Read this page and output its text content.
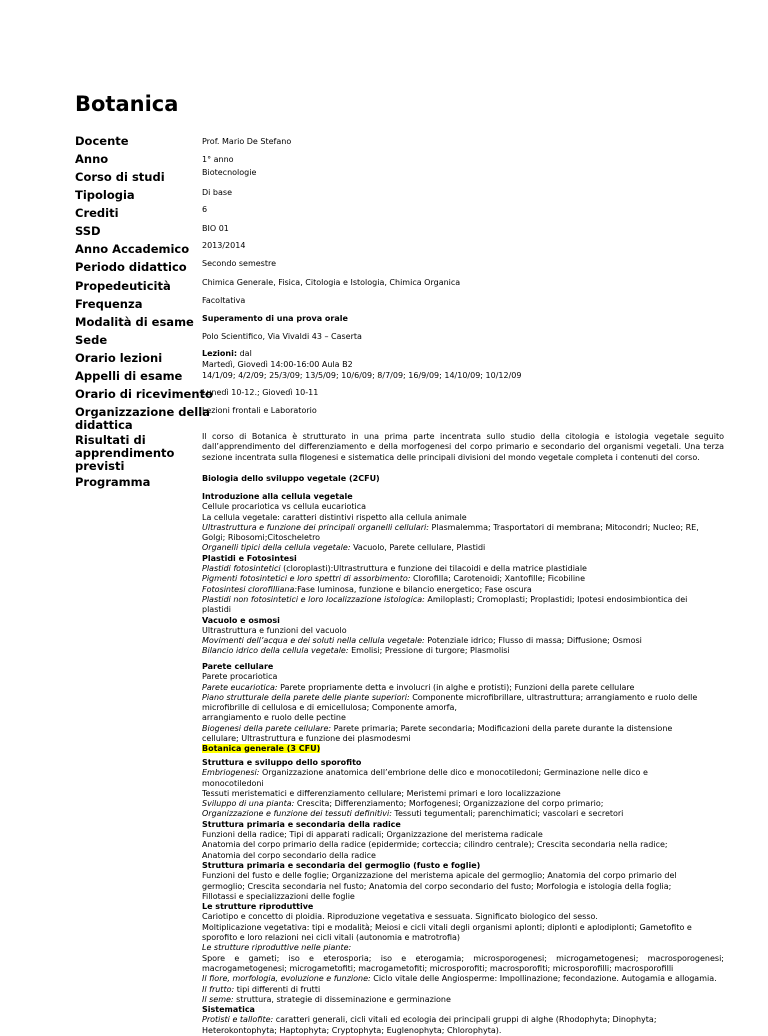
Botanica
Docente
Anno
Corso di studi
Tipologia
Crediti
SSD
Anno Accademico
Periodo didattico
Propedeuticità
Frequenza
Modalità di esame
Sede
Orario lezioni
Appelli di esame
Orario di ricevimento
Organizzazione della
didattica
Risultati di
apprendimento
previsti
Programma
Prof. Mario De Stefano
1° anno
Biotecnologie
Di base
6
BIO 01
2013/2014
Secondo semestre
Chimica Generale, Fisica, Citologia e Istologia, Chimica Organica
Facoltativa
Superamento di una prova orale
Polo Scientifico, Via Vivaldi 43 – Caserta
Lezioni: dal
Martedì, Giovedì 14:00-16:00 Aula B2
14/1/09; 4/2/09; 25/3/09; 13/5/09; 10/6/09; 8/7/09; 16/9/09; 14/10/09; 10/12/09
Lunedì 10-12.; Giovedì 10-11
Lezioni frontali e Laboratorio
Il corso di Botanica è strutturato in una prima parte incentrata sullo studio della citologia e istologia vegetale seguito dall’apprendimento del differenziamento e della morfogenesi del corpo primario e secondario del organismi vegetali. Una terza sezione incentrata sulla filogenesi e sistematica delle principali divisioni del mondo vegetale completa i contenuti del corso.
Biologia dello sviluppo vegetale (2CFU)
Introduzione alla cellula vegetale
Cellule procariotica vs cellula eucariotica
La cellula vegetale: caratteri distintivi rispetto alla cellula animale
Ultrastruttura e funzione dei principali organelli cellulari: Plasmalemma; Trasportatori di membrana; Mitocondri; Nucleo; RE,
Golgi; Ribosomi;Citoscheletro
Organelli tipici della cellula vegetale: Vacuolo, Parete cellulare, Plastidi
Plastidi e Fotosintesi
Plastidi fotosintetici (cloroplasti):Ultrastruttura e funzione dei tilacoidi e della matrice plastidiale
Pigmenti fotosintetici e loro spettri di assorbimento: Clorofilla; Carotenoidi; Xantofille; Ficobiline
Fotosintesi clorofilliana:Fase luminosa, funzione e bilancio energetico; Fase oscura
Plastidi non fotosintetici e loro localizzazione istologica: Amiloplasti; Cromoplasti; Proplastidi; Ipotesi endosimbiontica dei
plastidi
Vacuolo e osmosi
Ultrastruttura e funzioni del vacuolo
Movimenti dell’acqua e dei soluti nella cellula vegetale: Potenziale idrico; Flusso di massa; Diffusione; Osmosi
Bilancio idrico della cellula vegetale: Emolisi; Pressione di turgore; Plasmolisi
Parete cellulare
Parete procariotica
Parete eucariotica: Parete propriamente detta e involucri (in alghe e protisti); Funzioni della parete cellulare
Piano strutturale della parete delle piante superiori: Componente microfibrillare, ultrastruttura; arrangiamento e ruolo delle
microfibrille di cellulosa e di emicellulosa; Componente amorfa,
arrangiamento e ruolo delle pectine
Biogenesi della parete cellulare: Parete primaria; Parete secondaria; Modificazioni della parete durante la distensione
cellulare; Ultrastruttura e funzione dei plasmodesmi
Botanica generale (3 CFU)
Struttura e sviluppo dello sporofito
Embriogenesi: Organizzazione anatomica dell’embrione delle dico e monocotiledoni; Germinazione nelle dico e
monocotiledoni
Tessuti meristematici e differenziamento cellulare; Meristemi primari e loro localizzazione
Sviluppo di una pianta: Crescita; Differenziamento; Morfogenesi; Organizzazione del corpo primario;
Organizzazione e funzione dei tessuti definitivi: Tessuti tegumentali; parenchimatici; vascolari e secretori
Struttura primaria e secondaria della radice
Funzioni della radice; Tipi di apparati radicali; Organizzazione del meristema radicale
Anatomia del corpo primario della radice (epidermide; corteccia; cilindro centrale); Crescita secondaria nella radice;
Anatomia del corpo secondario della radice
Struttura primaria e secondaria del germoglio (fusto e foglie)
Funzioni del fusto e delle foglie; Organizzazione del meristema apicale del germoglio; Anatomia del corpo primario del
germoglio; Crescita secondaria nel fusto; Anatomia del corpo secondario del fusto; Morfologia e istologia della foglia;
Fillotassi e specializzazioni delle foglie
Le strutture riproduttive
Cariotipo e concetto di ploidia. Riproduzione vegetativa e sessuata. Significato biologico del sesso.
Moltiplicazione vegetativa: tipi e modalità; Meiosi e cicli vitali degli organismi aplonti; diplonti e aplodiplonti; Gametofito e
sporofito e loro relazioni nei cicli vitali (autonomia e matrotrofia)
Le strutture riproduttive nelle piante:
Spore e gameti; iso e eterosporia; iso e eterogamia; microsporogenesi; microgametogenesi; macrosporogenesi; macrogametogenesi; microgametofiti; macrogametofiti; microsporofiti; macrosporofiti; microsporofilli; macrosporofilli
Il fiore, morfologia, evoluzione e funzione: Ciclo vitale delle Angiosperme: Impollinazione; fecondazione. Autogamia e allogamia.
Il frutto: tipi differenti di frutti
Il seme: struttura, strategie di disseminazione e germinazione
Sistematica
Protisti e tallofite: caratteri generali, cicli vitali ed ecologia dei principali gruppi di alghe (Rhodophyta; Dinophyta;
Heterokontophyta; Haptophyta; Cryptophyta; Euglenophyta; Chlorophyta).
